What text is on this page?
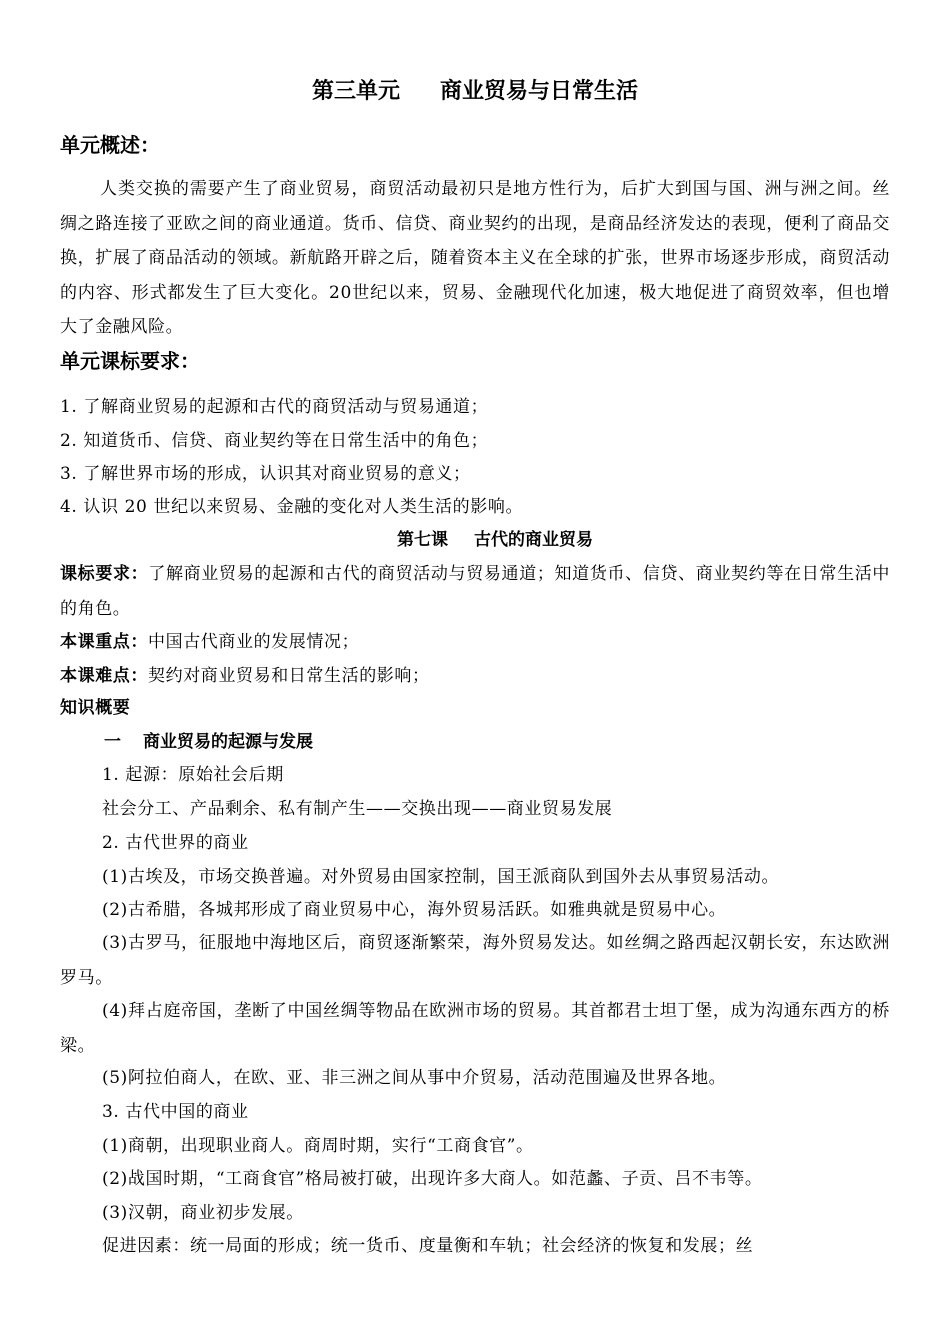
第三单元 商业贸易与日常生活
单元概述：

人类交换的需要产生了商业贸易，商贸活动最初只是地方性行为，后扩大到国与国、洲与洲之间。丝绸之路连接了亚欧之间的商业通道。货币、信贷、商业契约的出现，是商品经济发达的表现，便利了商品交换，扩展了商品活动的领域。新航路开辟之后，随着资本主义在全球的扩张，世界市场逐步形成，商贸活动的内容、形式都发生了巨大变化。20世纪以来，贸易、金融现代化加速，极大地促进了商贸效率，但也增大了金融风险。

单元课标要求：
1. 了解商业贸易的起源和古代的商贸活动与贸易通道；
2. 知道货币、信贷、商业契约等在日常生活中的角色；
3. 了解世界市场的形成，认识其对商业贸易的意义；
4. 认识 20 世纪以来贸易、金融的变化对人类生活的影响。
第七课 古代的商业贸易

课标要求：了解商业贸易的起源和古代的商贸活动与贸易通道；知道货币、信贷、商业契约等在日常生活中的角色。

本课重点：中国古代商业的发展情况；
本课难点：契约对商业贸易和日常生活的影响；
知识概要
一 商业贸易的起源与发展
1. 起源：原始社会后期
社会分工、产品剩余、私有制产生——交换出现——商业贸易发展
2. 古代世界的商业
(1)古埃及，市场交换普遍。对外贸易由国家控制，国王派商队到国外去从事贸易活动。
(2)古希腊，各城邦形成了商业贸易中心，海外贸易活跃。如雅典就是贸易中心。

(3)古罗马，征服地中海地区后，商贸逐渐繁荣，海外贸易发达。如丝绸之路西起汉朝长安，东达欧洲罗马。

(4)拜占庭帝国，垄断了中国丝绸等物品在欧洲市场的贸易。其首都君士坦丁堡，成为沟通东西方的桥梁。

(5)阿拉伯商人，在欧、亚、非三洲之间从事中介贸易，活动范围遍及世界各地。
3. 古代中国的商业
(1)商朝，出现职业商人。商周时期，实行“工商食官”。
(2)战国时期，“工商食官”格局被打破，出现许多大商人。如范蠡、子贡、吕不韦等。
(3)汉朝，商业初步发展。
促进因素：统一局面的形成；统一货币、度量衡和车轨；社会经济的恢复和发展；丝
